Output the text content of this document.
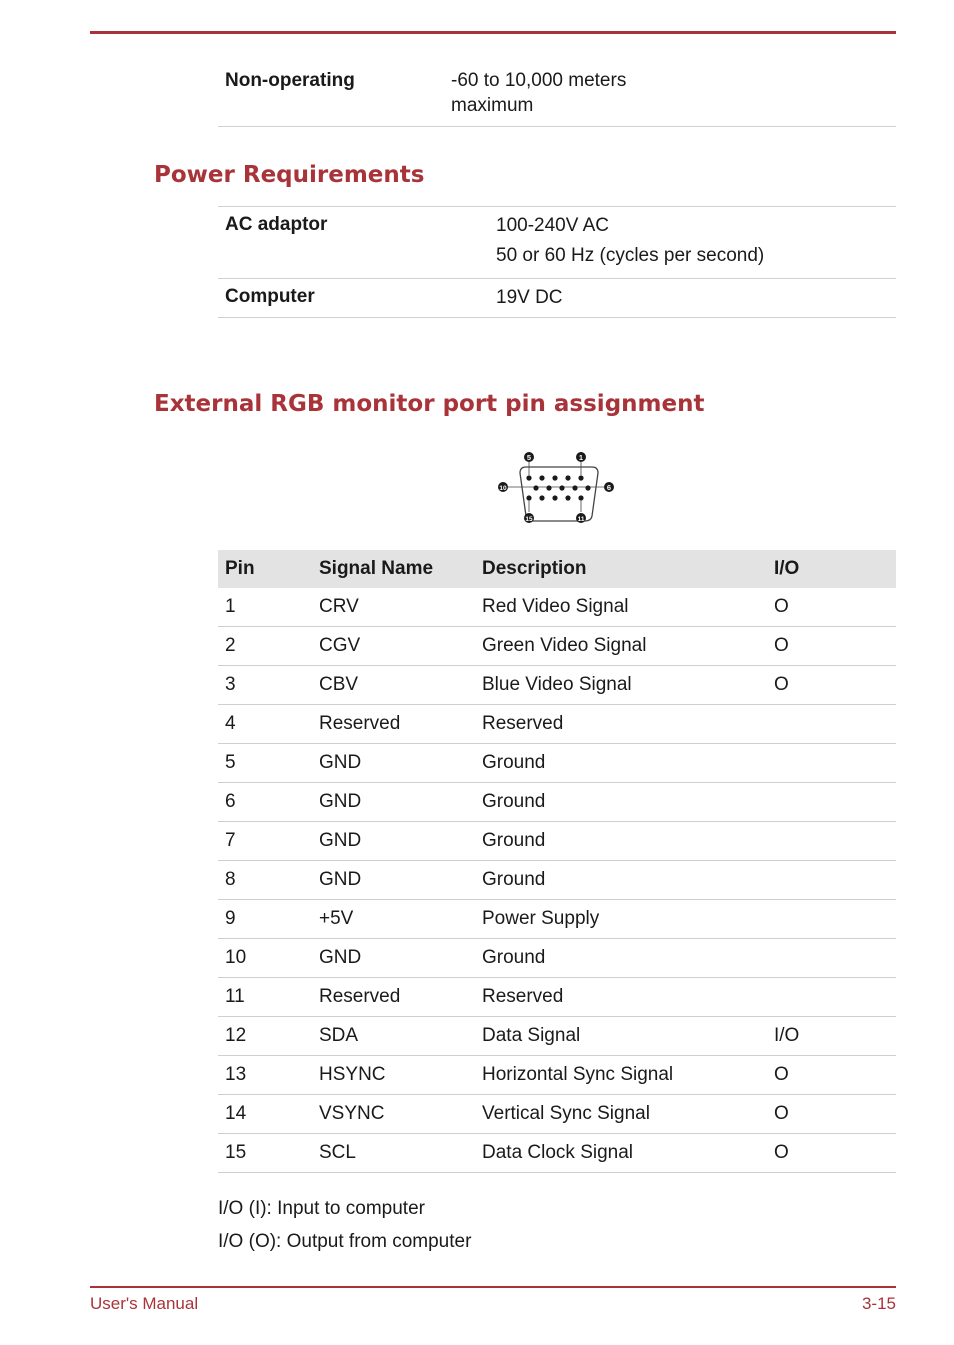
Non-operating	-60 to 10,000 meters
maximum
Power Requirements
AC adaptor	100-240V AC
50 or 60 Hz (cycles per second)
Computer	19V DC
External RGB monitor port pin assignment
5	1
10	6
15	11
Pin	Signal Name	Description	I/O
1	CRV	Red Video Signal	O
2	CGV	Green Video Signal	O
3	CBV	Blue Video Signal	O
4	Reserved	Reserved	
5	GND	Ground	
6	GND	Ground	
7	GND	Ground	
8	GND	Ground	
9	+5V	Power Supply	
10	GND	Ground	
11	Reserved	Reserved	
12	SDA	Data Signal	I/O
13	HSYNC	Horizontal Sync Signal	O
14	VSYNC	Vertical Sync Signal	O
15	SCL	Data Clock Signal	O
I/O (I): Input to computer
I/O (O): Output from computer
User's Manual	3-15
